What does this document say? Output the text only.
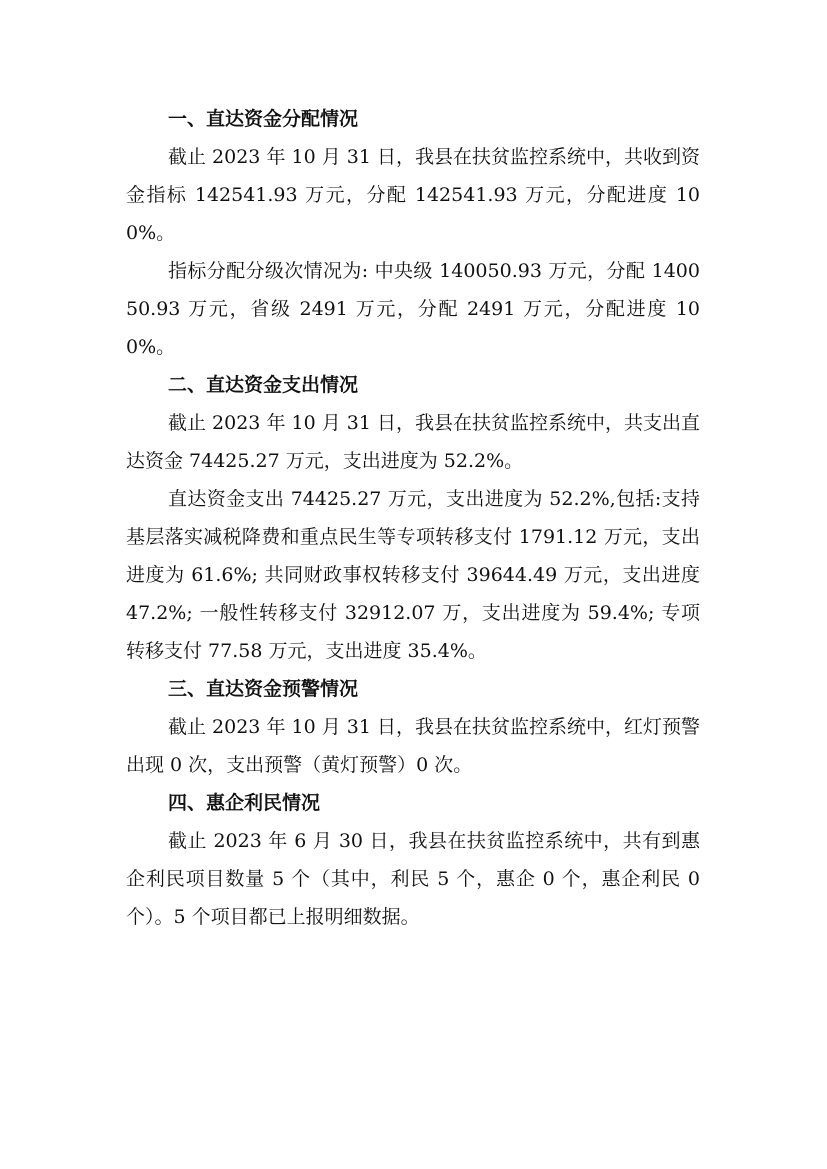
一、直达资金分配情况

截止 2023 年 10 月 31 日，我县在扶贫监控系统中，共收到资金指标 142541.93 万元，分配 142541.93 万元，分配进度 100%。

指标分配分级次情况为: 中央级 140050.93 万元，分配 140050.93 万元，省级 2491 万元，分配 2491 万元，分配进度 100%。

二、直达资金支出情况

截止 2023 年 10 月 31 日，我县在扶贫监控系统中，共支出直达资金 74425.27 万元，支出进度为 52.2%。

直达资金支出 74425.27 万元，支出进度为 52.2%,包括:支持基层落实减税降费和重点民生等专项转移支付 1791.12 万元，支出进度为 61.6%; 共同财政事权转移支付 39644.49 万元，支出进度 47.2%; 一般性转移支付 32912.07 万，支出进度为 59.4%; 专项转移支付 77.58 万元，支出进度 35.4%。

三、直达资金预警情况

截止 2023 年 10 月 31 日，我县在扶贫监控系统中，红灯预警出现 0 次，支出预警（黄灯预警）0 次。

四、惠企利民情况

截止 2023 年 6 月 30 日，我县在扶贫监控系统中，共有到惠企利民项目数量 5 个（其中，利民 5 个，惠企 0 个，惠企利民 0 个）。5 个项目都已上报明细数据。
